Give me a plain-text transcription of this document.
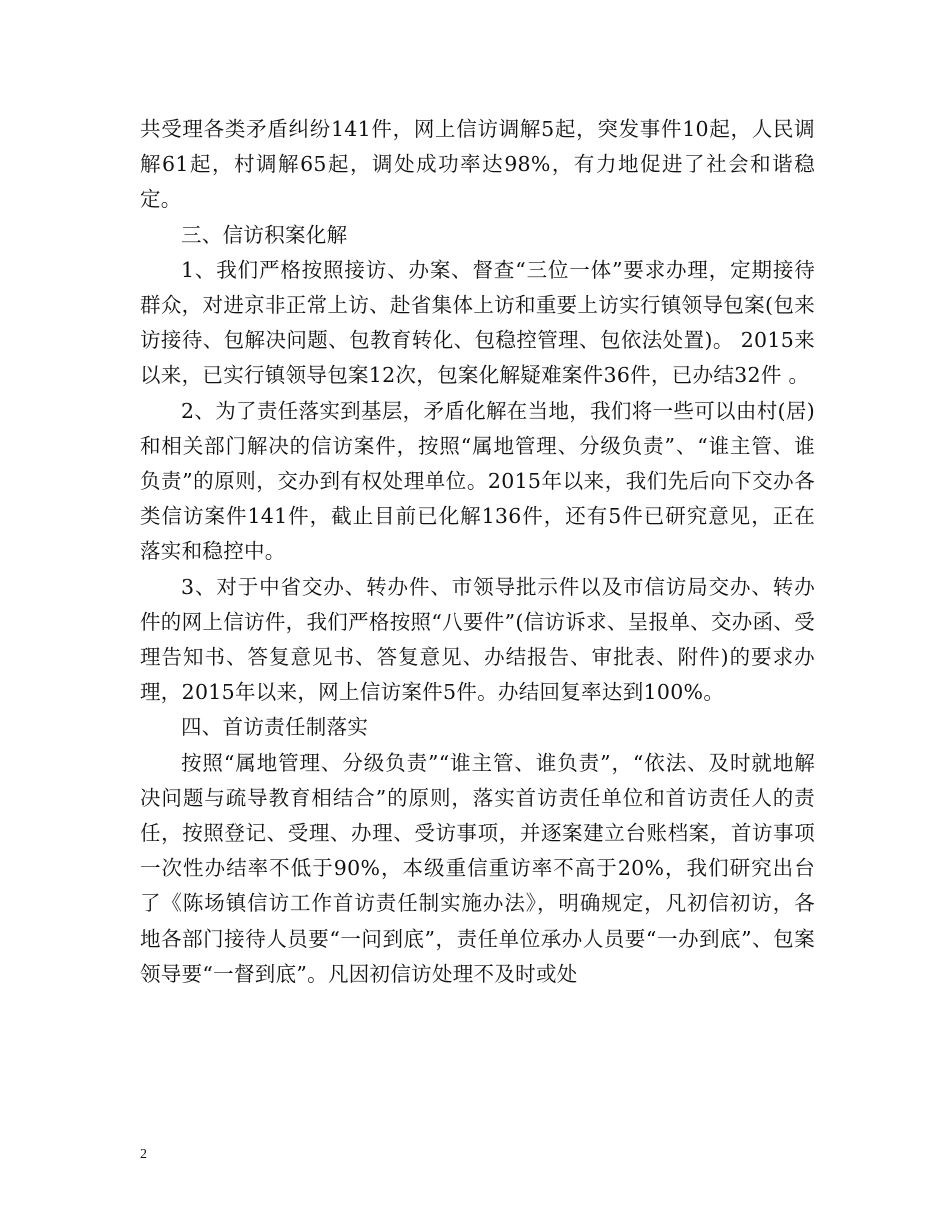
共受理各类矛盾纠纷141件，网上信访调解5起，突发事件10起，人民调解61起，村调解65起，调处成功率达98%，有力地促进了社会和谐稳定。

三、信访积案化解

1、我们严格按照接访、办案、督查“三位一体”要求办理，定期接待群众，对进京非正常上访、赴省集体上访和重要上访实行镇领导包案(包来访接待、包解决问题、包教育转化、包稳控管理、包依法处置)。 2015来以来，已实行镇领导包案12次，包案化解疑难案件36件，已办结32件 。

2、为了责任落实到基层，矛盾化解在当地，我们将一些可以由村(居)和相关部门解决的信访案件，按照“属地管理、分级负责”、“谁主管、谁负责”的原则，交办到有权处理单位。2015年以来，我们先后向下交办各类信访案件141件，截止目前已化解136件，还有5件已研究意见，正在落实和稳控中。

3、对于中省交办、转办件、市领导批示件以及市信访局交办、转办件的网上信访件，我们严格按照“八要件”(信访诉求、呈报单、交办函、受理告知书、答复意见书、答复意见、办结报告、审批表、附件)的要求办理，2015年以来，网上信访案件5件。办结回复率达到100%。

四、首访责任制落实

按照“属地管理、分级负责”“谁主管、谁负责”，“依法、及时就地解决问题与疏导教育相结合”的原则，落实首访责任单位和首访责任人的责任，按照登记、受理、办理、受访事项，并逐案建立台账档案，首访事项一次性办结率不低于90%，本级重信重访率不高于20%，我们研究出台了《陈场镇信访工作首访责任制实施办法》，明确规定，凡初信初访，各地各部门接待人员要“一问到底”，责任单位承办人员要“一办到底”、包案领导要“一督到底”。凡因初信访处理不及时或处

2
